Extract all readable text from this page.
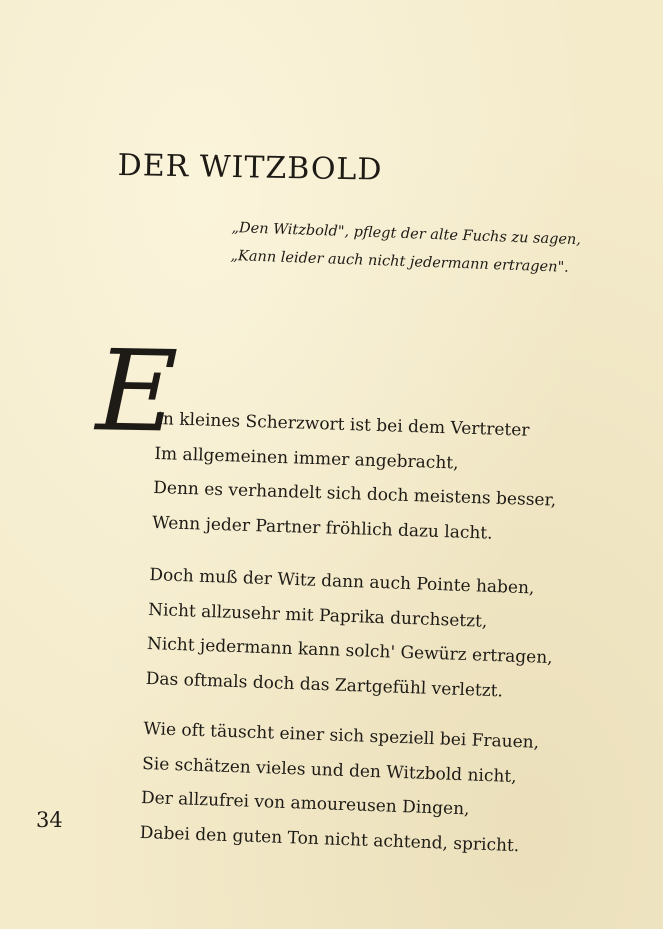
DER WITZBOLD
„Den Witzbold", pflegt der alte Fuchs zu sagen,
„Kann leider auch nicht jedermann ertragen".
E
in kleines Scherzwort ist bei dem Vertreter
Im allgemeinen immer angebracht,
Denn es verhandelt sich doch meistens besser,
Wenn jeder Partner fröhlich dazu lacht.
Doch muß der Witz dann auch Pointe haben,
Nicht allzusehr mit Paprika durchsetzt,
Nicht jedermann kann solch' Gewürz ertragen,
Das oftmals doch das Zartgefühl verletzt.
Wie oft täuscht einer sich speziell bei Frauen,
Sie schätzen vieles und den Witzbold nicht,
Der allzufrei von amoureusen Dingen,
Dabei den guten Ton nicht achtend, spricht.
34
